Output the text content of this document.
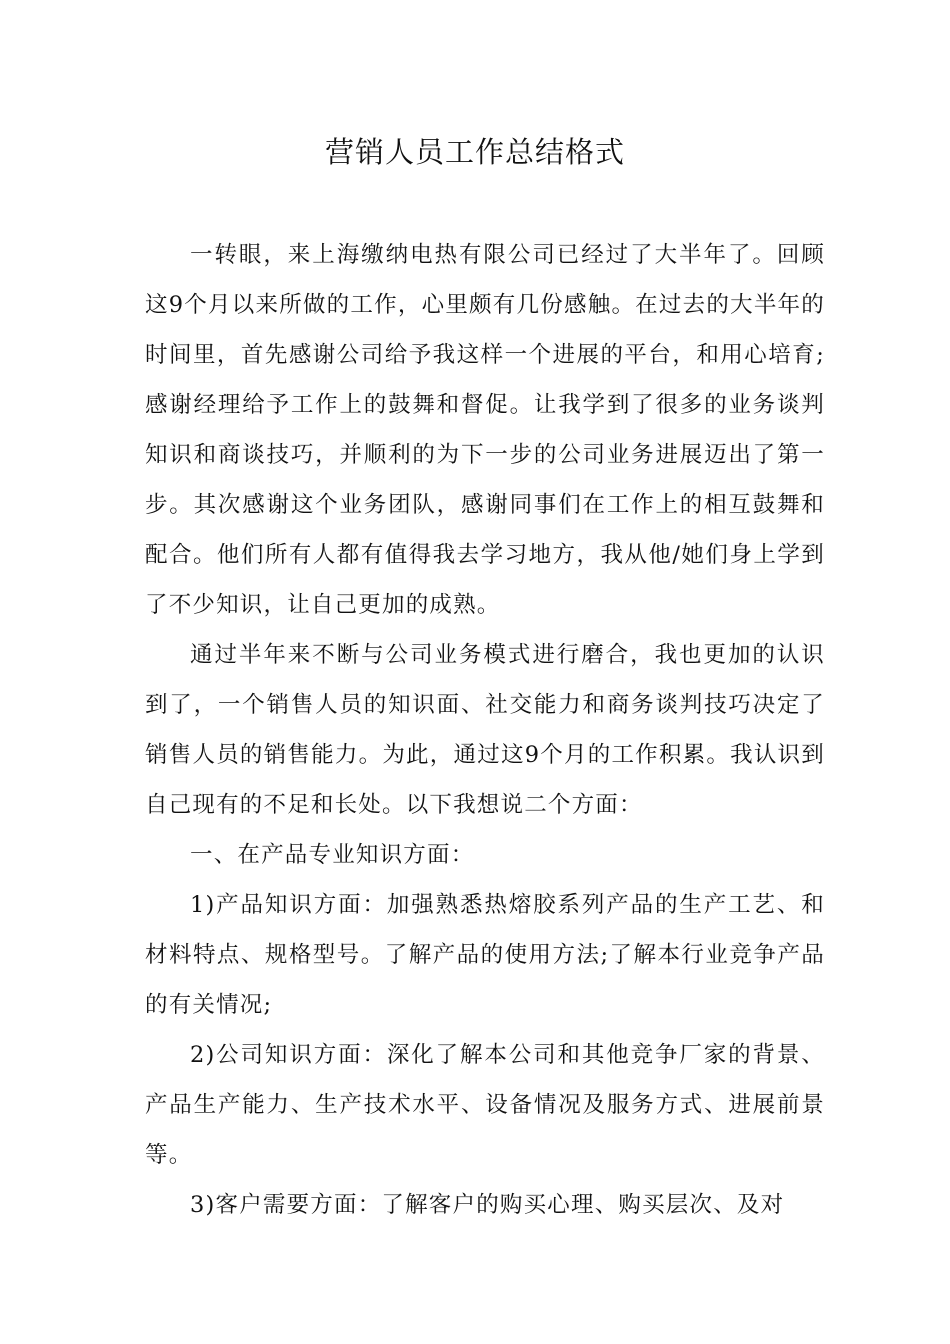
营销人员工作总结格式

一转眼，来上海缴纳电热有限公司已经过了大半年了。回顾这9个月以来所做的工作，心里颇有几份感触。在过去的大半年的时间里，首先感谢公司给予我这样一个进展的平台，和用心培育;感谢经理给予工作上的鼓舞和督促。让我学到了很多的业务谈判知识和商谈技巧，并顺利的为下一步的公司业务进展迈出了第一步。其次感谢这个业务团队，感谢同事们在工作上的相互鼓舞和配合。他们所有人都有值得我去学习地方，我从他/她们身上学到了不少知识，让自己更加的成熟。

通过半年来不断与公司业务模式进行磨合，我也更加的认识到了，一个销售人员的知识面、社交能力和商务谈判技巧决定了销售人员的销售能力。为此，通过这9个月的工作积累。我认识到自己现有的不足和长处。以下我想说二个方面：

一、在产品专业知识方面：

1)产品知识方面：加强熟悉热熔胶系列产品的生产工艺、和材料特点、规格型号。了解产品的使用方法;了解本行业竞争产品的有关情况;

2)公司知识方面：深化了解本公司和其他竞争厂家的背景、产品生产能力、生产技术水平、设备情况及服务方式、进展前景等。

3)客户需要方面：了解客户的购买心理、购买层次、及对
